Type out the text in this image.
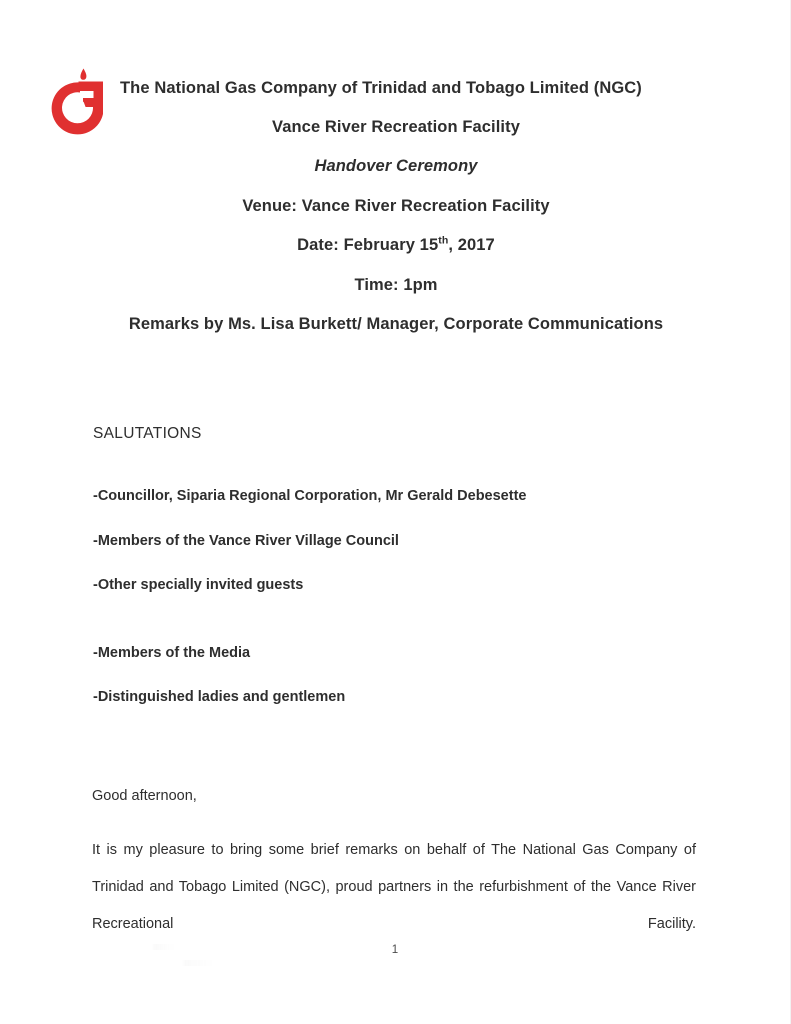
The National Gas Company of Trinidad and Tobago Limited (NGC)
Vance River Recreation Facility
Handover Ceremony
Venue: Vance River Recreation Facility
Date: February 15th, 2017
Time: 1pm
Remarks by Ms. Lisa Burkett/ Manager, Corporate Communications
SALUTATIONS
-Councillor, Siparia Regional Corporation, Mr Gerald Debesette
-Members of the Vance River Village Council
-Other specially invited guests
-Members of the Media
-Distinguished ladies and gentlemen
Good afternoon,

It is my pleasure to bring some brief remarks on behalf of The National Gas Company of Trinidad and Tobago Limited (NGC), proud partners in the refurbishment of the Vance River Recreational Facility.

1
